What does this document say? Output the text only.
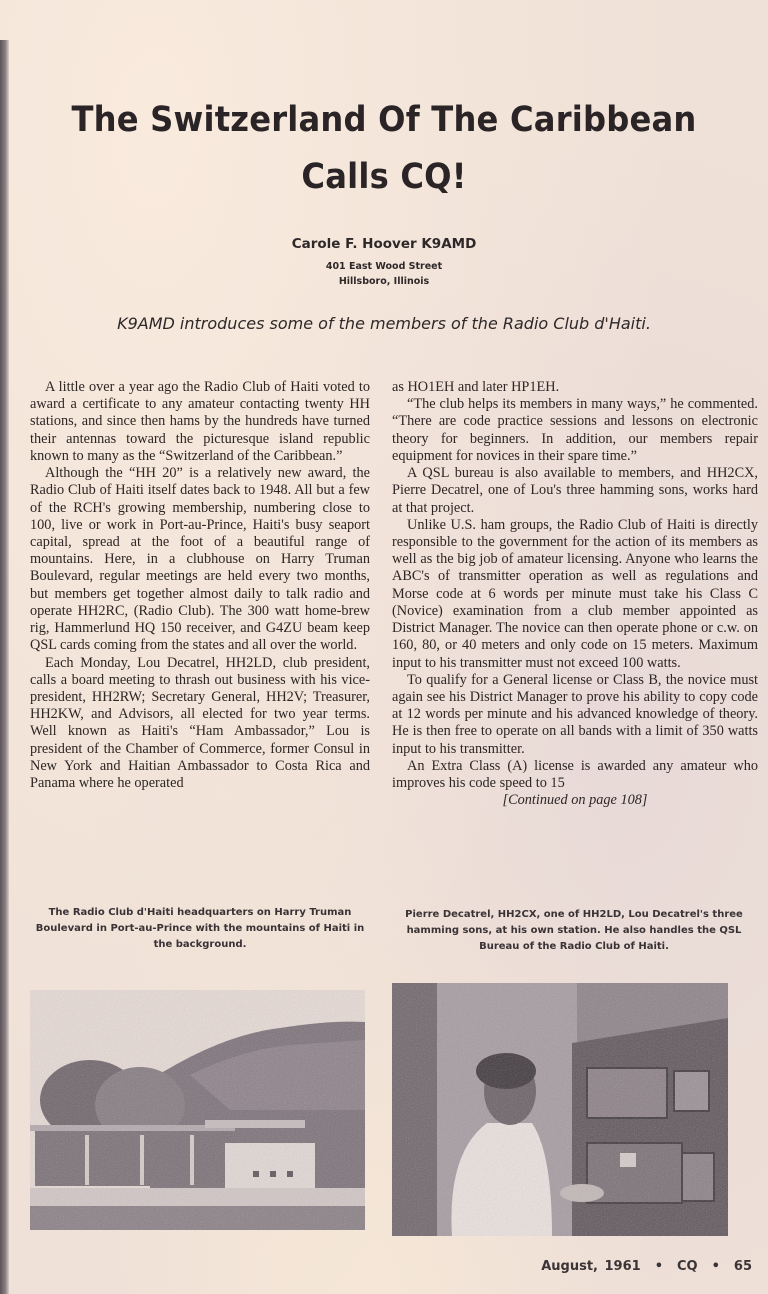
The Switzerland Of The Caribbean
Calls CQ!
Carole F. Hoover K9AMD
401 East Wood Street
Hillsboro, Illinois
K9AMD introduces some of the members of the Radio Club d'Haiti.

A little over a year ago the Radio Club of Haiti voted to award a certificate to any amateur contacting twenty HH stations, and since then hams by the hundreds have turned their antennas toward the picturesque island republic known to many as the “Switzerland of the Caribbean.”

Although the “HH 20” is a relatively new award, the Radio Club of Haiti itself dates back to 1948. All but a few of the RCH's growing membership, numbering close to 100, live or work in Port-au-Prince, Haiti's busy seaport capital, spread at the foot of a beautiful range of mountains. Here, in a clubhouse on Harry Truman Boulevard, regular meetings are held every two months, but members get together almost daily to talk radio and operate HH2RC, (Radio Club). The 300 watt home-brew rig, Hammerlund HQ 150 receiver, and G4ZU beam keep QSL cards coming from the states and all over the world.

Each Monday, Lou Decatrel, HH2LD, club president, calls a board meeting to thrash out business with his vice-president, HH2RW; Secretary General, HH2V; Treasurer, HH2KW, and Advisors, all elected for two year terms. Well known as Haiti's “Ham Ambassador,” Lou is president of the Chamber of Commerce, former Consul in New York and Haitian Ambassador to Costa Rica and Panama where he operated

as HO1EH and later HP1EH.

“The club helps its members in many ways,” he commented. “There are code practice sessions and lessons on electronic theory for beginners. In addition, our members repair equipment for novices in their spare time.”

A QSL bureau is also available to members, and HH2CX, Pierre Decatrel, one of Lou's three hamming sons, works hard at that project.

Unlike U.S. ham groups, the Radio Club of Haiti is directly responsible to the government for the action of its members as well as the big job of amateur licensing. Anyone who learns the ABC's of transmitter operation as well as regulations and Morse code at 6 words per minute must take his Class C (Novice) examination from a club member appointed as District Manager. The novice can then operate phone or c.w. on 160, 80, or 40 meters and only code on 15 meters. Maximum input to his transmitter must not exceed 100 watts.

To qualify for a General license or Class B, the novice must again see his District Manager to prove his ability to copy code at 12 words per minute and his advanced knowledge of theory. He is then free to operate on all bands with a limit of 350 watts input to his transmitter.

An Extra Class (A) license is awarded any amateur who improves his code speed to 15

[Continued on page 108]

The Radio Club d'Haiti headquarters on Harry Truman Boulevard in Port-au-Prince with the mountains of Haiti in the background.
Pierre Decatrel, HH2CX, one of HH2LD, Lou Decatrel's three hamming sons, at his own station. He also handles the QSL Bureau of the Radio Club of Haiti.
August, 1961 • CQ • 65
